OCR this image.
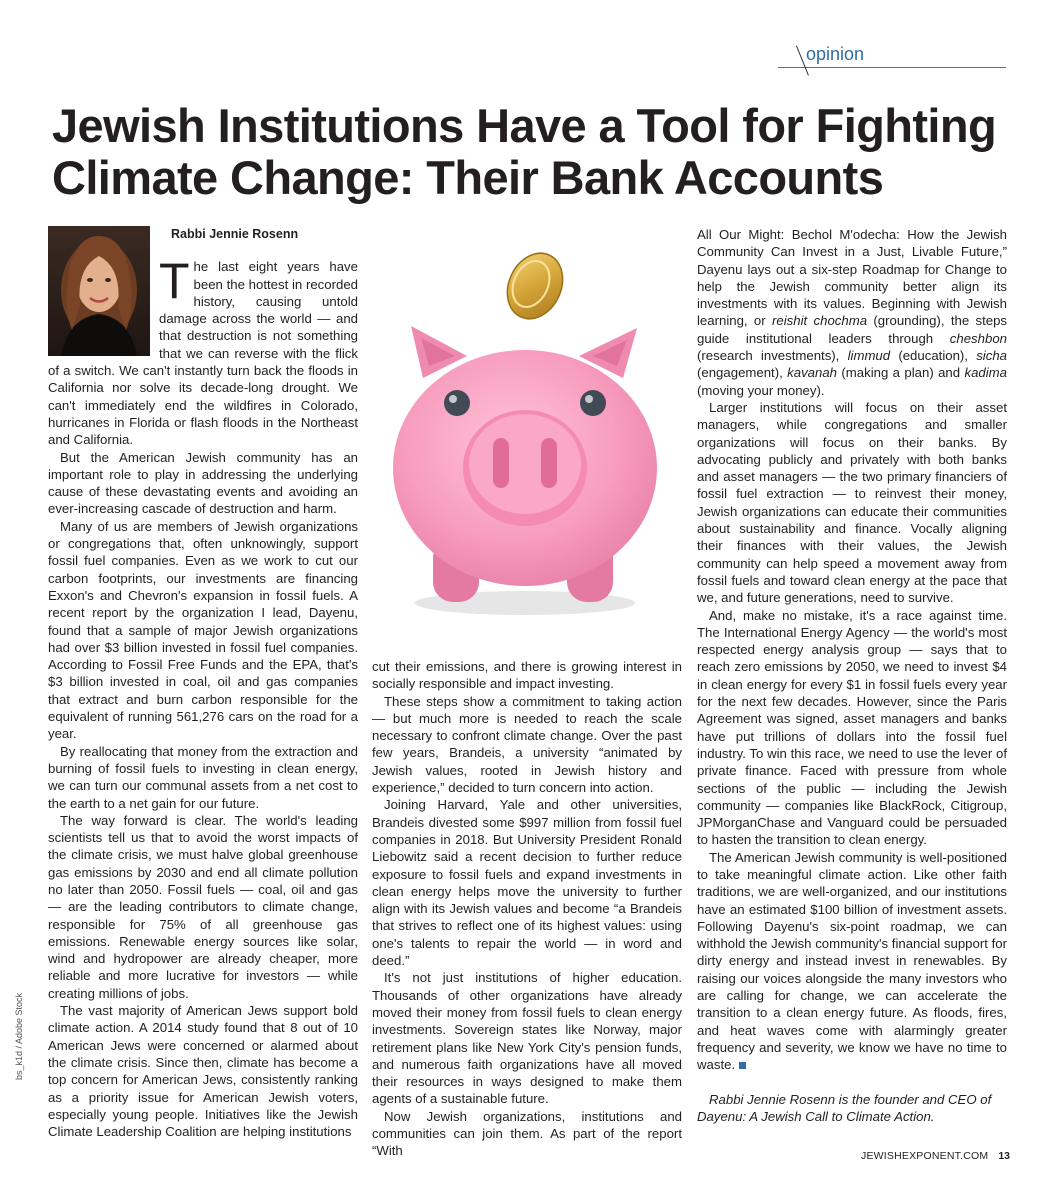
opinion
Jewish Institutions Have a Tool for Fighting
Climate Change: Their Bank Accounts

Rabbi Jennie Rosenn

The last eight years have been the hottest in recorded history, causing untold damage across the world — and that destruction is not something that we can reverse with the flick of a switch. We can't instantly turn back the floods in California nor solve its decade-long drought. We can't immediately end the wildfires in Colorado, hurricanes in Florida or flash floods in the Northeast and California.

But the American Jewish community has an important role to play in addressing the underlying cause of these devastating events and avoiding an ever-increasing cascade of destruction and harm.

Many of us are members of Jewish organizations or congregations that, often unknowingly, support fossil fuel companies. Even as we work to cut our carbon footprints, our investments are financing Exxon's and Chevron's expansion in fossil fuels. A recent report by the organization I lead, Dayenu, found that a sample of major Jewish organizations had over $3 billion invested in fossil fuel companies. According to Fossil Free Funds and the EPA, that's $3 billion invested in coal, oil and gas companies that extract and burn carbon responsible for the equivalent of running 561,276 cars on the road for a year.

By reallocating that money from the extraction and burning of fossil fuels to investing in clean energy, we can turn our communal assets from a net cost to the earth to a net gain for our future.

The way forward is clear. The world's leading scientists tell us that to avoid the worst impacts of the climate crisis, we must halve global greenhouse gas emissions by 2030 and end all climate pollution no later than 2050. Fossil fuels — coal, oil and gas — are the leading contributors to climate change, responsible for 75% of all greenhouse gas emissions. Renewable energy sources like solar, wind and hydropower are already cheaper, more reliable and more lucrative for investors — while creating millions of jobs.

The vast majority of American Jews support bold climate action. A 2014 study found that 8 out of 10 American Jews were concerned or alarmed about the climate crisis. Since then, climate has become a top concern for American Jews, consistently ranking as a priority issue for American Jewish voters, especially young people. Initiatives like the Jewish Climate Leadership Coalition are helping institutions

cut their emissions, and there is growing interest in socially responsible and impact investing.

These steps show a commitment to taking action — but much more is needed to reach the scale necessary to confront climate change. Over the past few years, Brandeis, a university “animated by Jewish values, rooted in Jewish history and experience,” decided to turn concern into action.

Joining Harvard, Yale and other universities, Brandeis divested some $997 million from fossil fuel companies in 2018. But University President Ronald Liebowitz said a recent decision to further reduce exposure to fossil fuels and expand investments in clean energy helps move the university to further align with its Jewish values and become “a Brandeis that strives to reflect one of its highest values: using one's talents to repair the world — in word and deed.”

It's not just institutions of higher education. Thousands of other organizations have already moved their money from fossil fuels to clean energy investments. Sovereign states like Norway, major retirement plans like New York City's pension funds, and numerous faith organizations have all moved their resources in ways designed to make them agents of a sustainable future.

Now Jewish organizations, institutions and communities can join them. As part of the report “With

All Our Might: Bechol M'odecha: How the Jewish Community Can Invest in a Just, Livable Future,” Dayenu lays out a six-step Roadmap for Change to help the Jewish community better align its investments with its values. Beginning with Jewish learning, or reishit chochma (grounding), the steps guide institutional leaders through cheshbon (research investments), limmud (education), sicha (engagement), kavanah (making a plan) and kadima (moving your money).

Larger institutions will focus on their asset managers, while congregations and smaller organizations will focus on their banks. By advocating publicly and privately with both banks and asset managers — the two primary financiers of fossil fuel extraction — to reinvest their money, Jewish organizations can educate their communities about sustainability and finance. Vocally aligning their finances with their values, the Jewish community can help speed a movement away from fossil fuels and toward clean energy at the pace that we, and future generations, need to survive.

And, make no mistake, it's a race against time. The International Energy Agency — the world's most respected energy analysis group — says that to reach zero emissions by 2050, we need to invest $4 in clean energy for every $1 in fossil fuels every year for the next few decades. However, since the Paris Agreement was signed, asset managers and banks have put trillions of dollars into the fossil fuel industry. To win this race, we need to use the lever of private finance. Faced with pressure from whole sections of the public — including the Jewish community — companies like BlackRock, Citigroup, JPMorganChase and Vanguard could be persuaded to hasten the transition to clean energy.

The American Jewish community is well-positioned to take meaningful climate action. Like other faith traditions, we are well-organized, and our institutions have an estimated $100 billion of investment assets. Following Dayenu's six-point roadmap, we can withhold the Jewish community's financial support for dirty energy and instead invest in renewables. By raising our voices alongside the many investors who are calling for change, we can accelerate the transition to a clean energy future. As floods, fires, and heat waves come with alarmingly greater frequency and severity, we know we have no time to waste.

Rabbi Jennie Rosenn is the founder and CEO of Dayenu: A Jewish Call to Climate Action.

bs_k1d / Adobe Stock
JEWISHEXPONENT.COM 13
